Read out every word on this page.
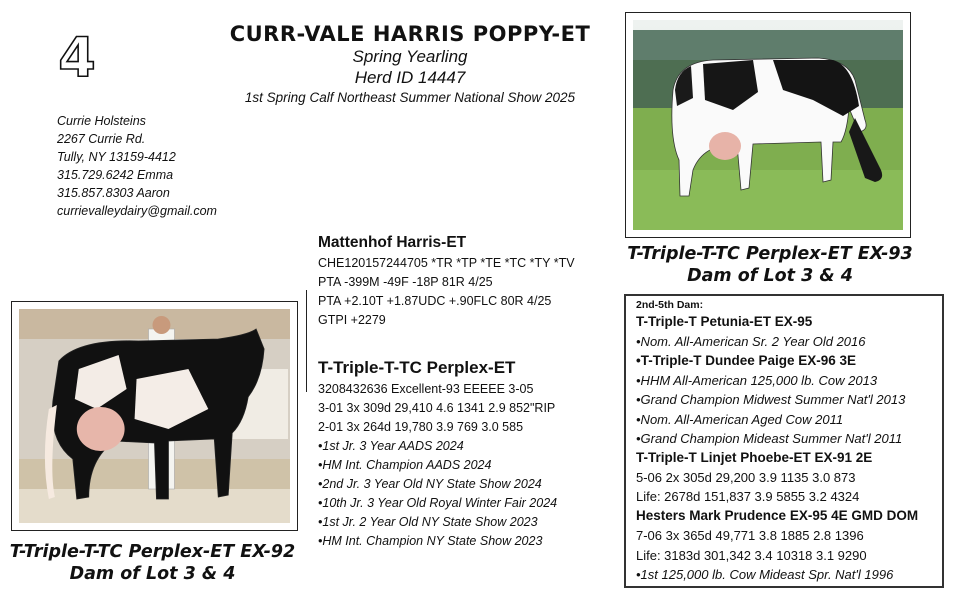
4	CURR-VALE HARRIS POPPY-ET
Spring Yearling
Herd ID 14447
1st Spring Calf Northeast Summer National Show 2025
Currie Holsteins
2267 Currie Rd.
Tully, NY 13159-4412
315.729.6242 Emma
315.857.8303 Aaron
currievalleydairy@gmail.com
T-Triple-T-TC Perplex-ET EX-93
Dam of Lot 3 & 4
T-Triple-T-TC Perplex-ET EX-92
Dam of Lot 3 & 4
Mattenhof Harris-ET
CHE120157244705 *TR *TP *TE *TC *TY *TV
PTA -399M -49F -18P 81R 4/25
PTA +2.10T +1.87UDC +.90FLC 80R 4/25
GTPI +2279
T-Triple-T-TC Perplex-ET
3208432636 Excellent-93 EEEEE 3-05
3-01 3x 309d 29,410 4.6 1341 2.9 852"RIP
2-01 3x 264d 19,780 3.9 769 3.0 585
•1st Jr. 3 Year AADS 2024
•HM Int. Champion AADS 2024
•2nd Jr. 3 Year Old NY State Show 2024
•10th Jr. 3 Year Old Royal Winter Fair 2024
•1st Jr. 2 Year Old NY State Show 2023
•HM Int. Champion NY State Show 2023
2nd-5th Dam:
T-Triple-T Petunia-ET EX-95
•Nom. All-American Sr. 2 Year Old 2016
•T-Triple-T Dundee Paige EX-96 3E
•HHM All-American 125,000 lb. Cow 2013
•Grand Champion Midwest Summer Nat'l 2013
•Nom. All-American Aged Cow 2011
•Grand Champion Mideast Summer Nat'l 2011
T-Triple-T Linjet Phoebe-ET EX-91 2E
5-06 2x 305d 29,200 3.9 1135 3.0 873
Life: 2678d 151,837 3.9 5855 3.2 4324
Hesters Mark Prudence EX-95 4E GMD DOM
7-06 3x 365d 49,771 3.8 1885 2.8 1396
Life: 3183d 301,342 3.4 10318 3.1 9290
•1st 125,000 lb. Cow Mideast Spr. Nat'l 1996
